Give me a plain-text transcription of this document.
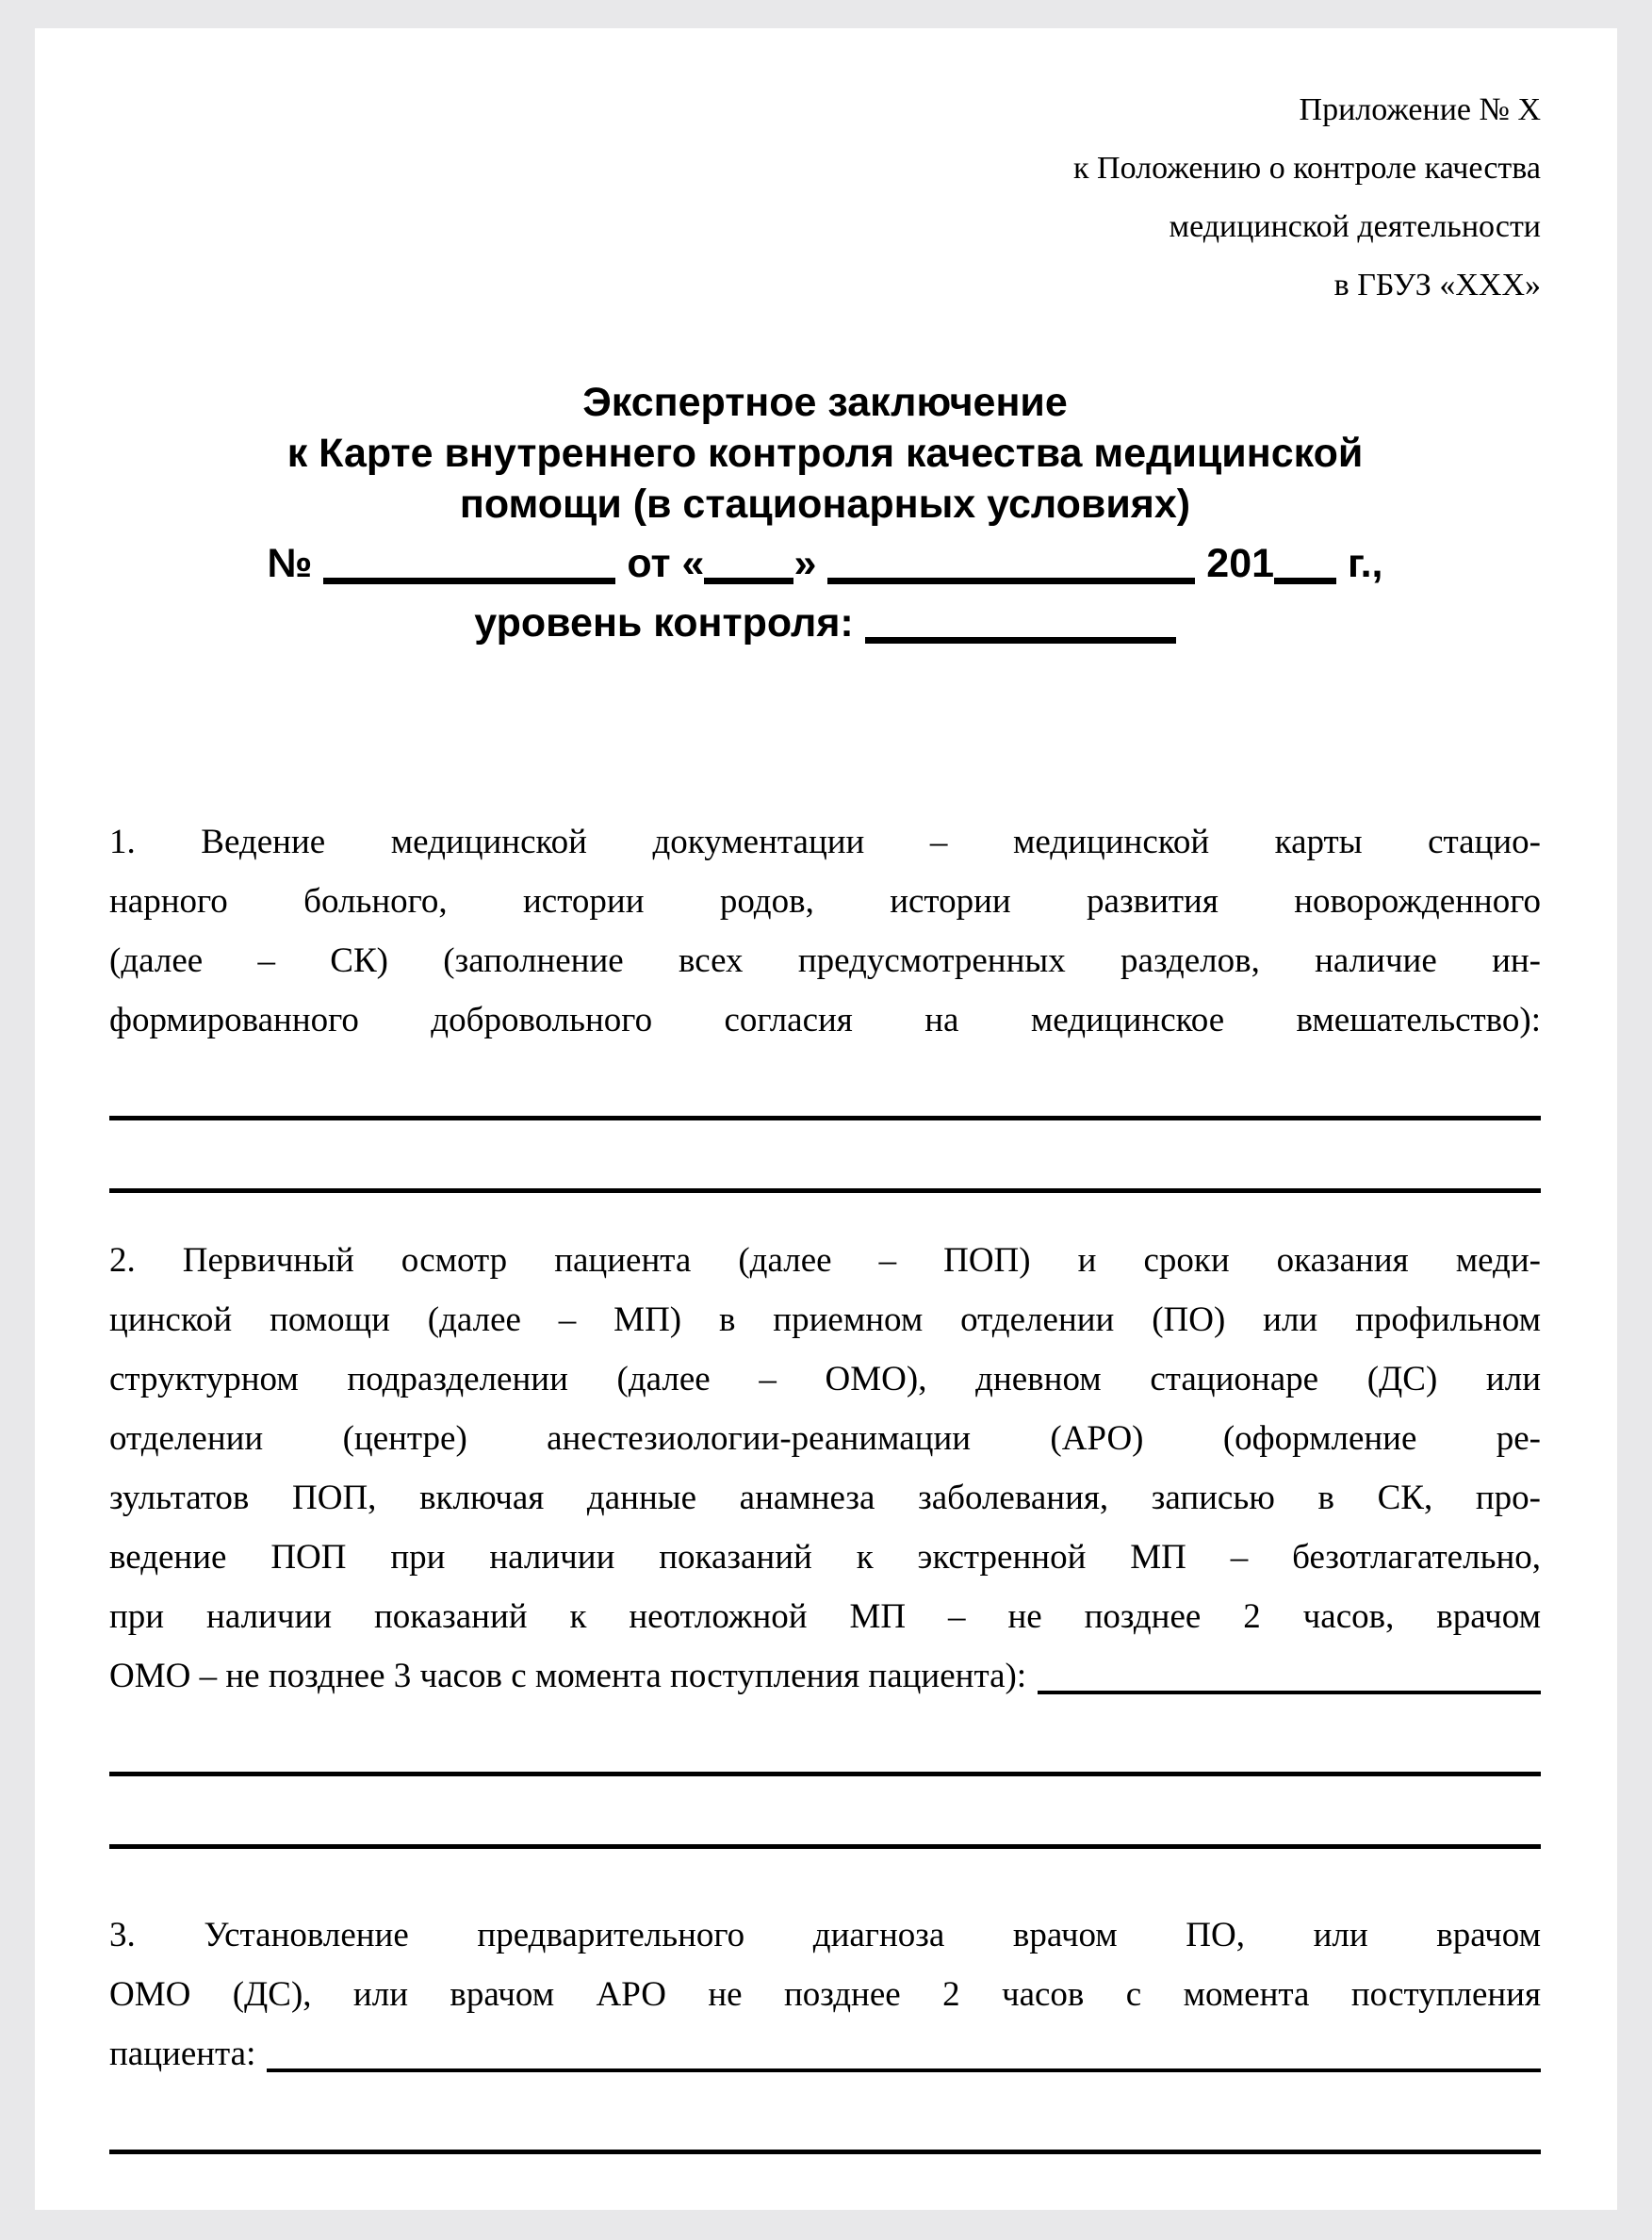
Приложение № X
к Положению о контроле качества
медицинской деятельности
в ГБУЗ «XXX»
Экспертное заключение
к Карте внутреннего контроля качества медицинской
помощи (в стационарных условиях)
№	от « »	201 г.,
уровень контроля:
1. Ведение медицинской документации – медицинской карты стацио-
нарного больного, истории родов, истории развития новорожденного
(далее – СК) (заполнение всех предусмотренных разделов, наличие ин-
формированного добровольного согласия на медицинское вмешательство):
2. Первичный осмотр пациента (далее – ПОП) и сроки оказания меди-
цинской помощи (далее – МП) в приемном отделении (ПО) или профильном
структурном подразделении (далее – ОМО), дневном стационаре (ДС) или
отделении (центре) анестезиологии-реанимации (АРО) (оформление ре-
зультатов ПОП, включая данные анамнеза заболевания, записью в СК, про-
ведение ПОП при наличии показаний к экстренной МП – безотлагательно,
при наличии показаний к неотложной МП – не позднее 2 часов, врачом
ОМО – не позднее 3 часов с момента поступления пациента):
3. Установление предварительного диагноза врачом ПО, или врачом
ОМО (ДС), или врачом АРО не позднее 2 часов с момента поступления
пациента:
